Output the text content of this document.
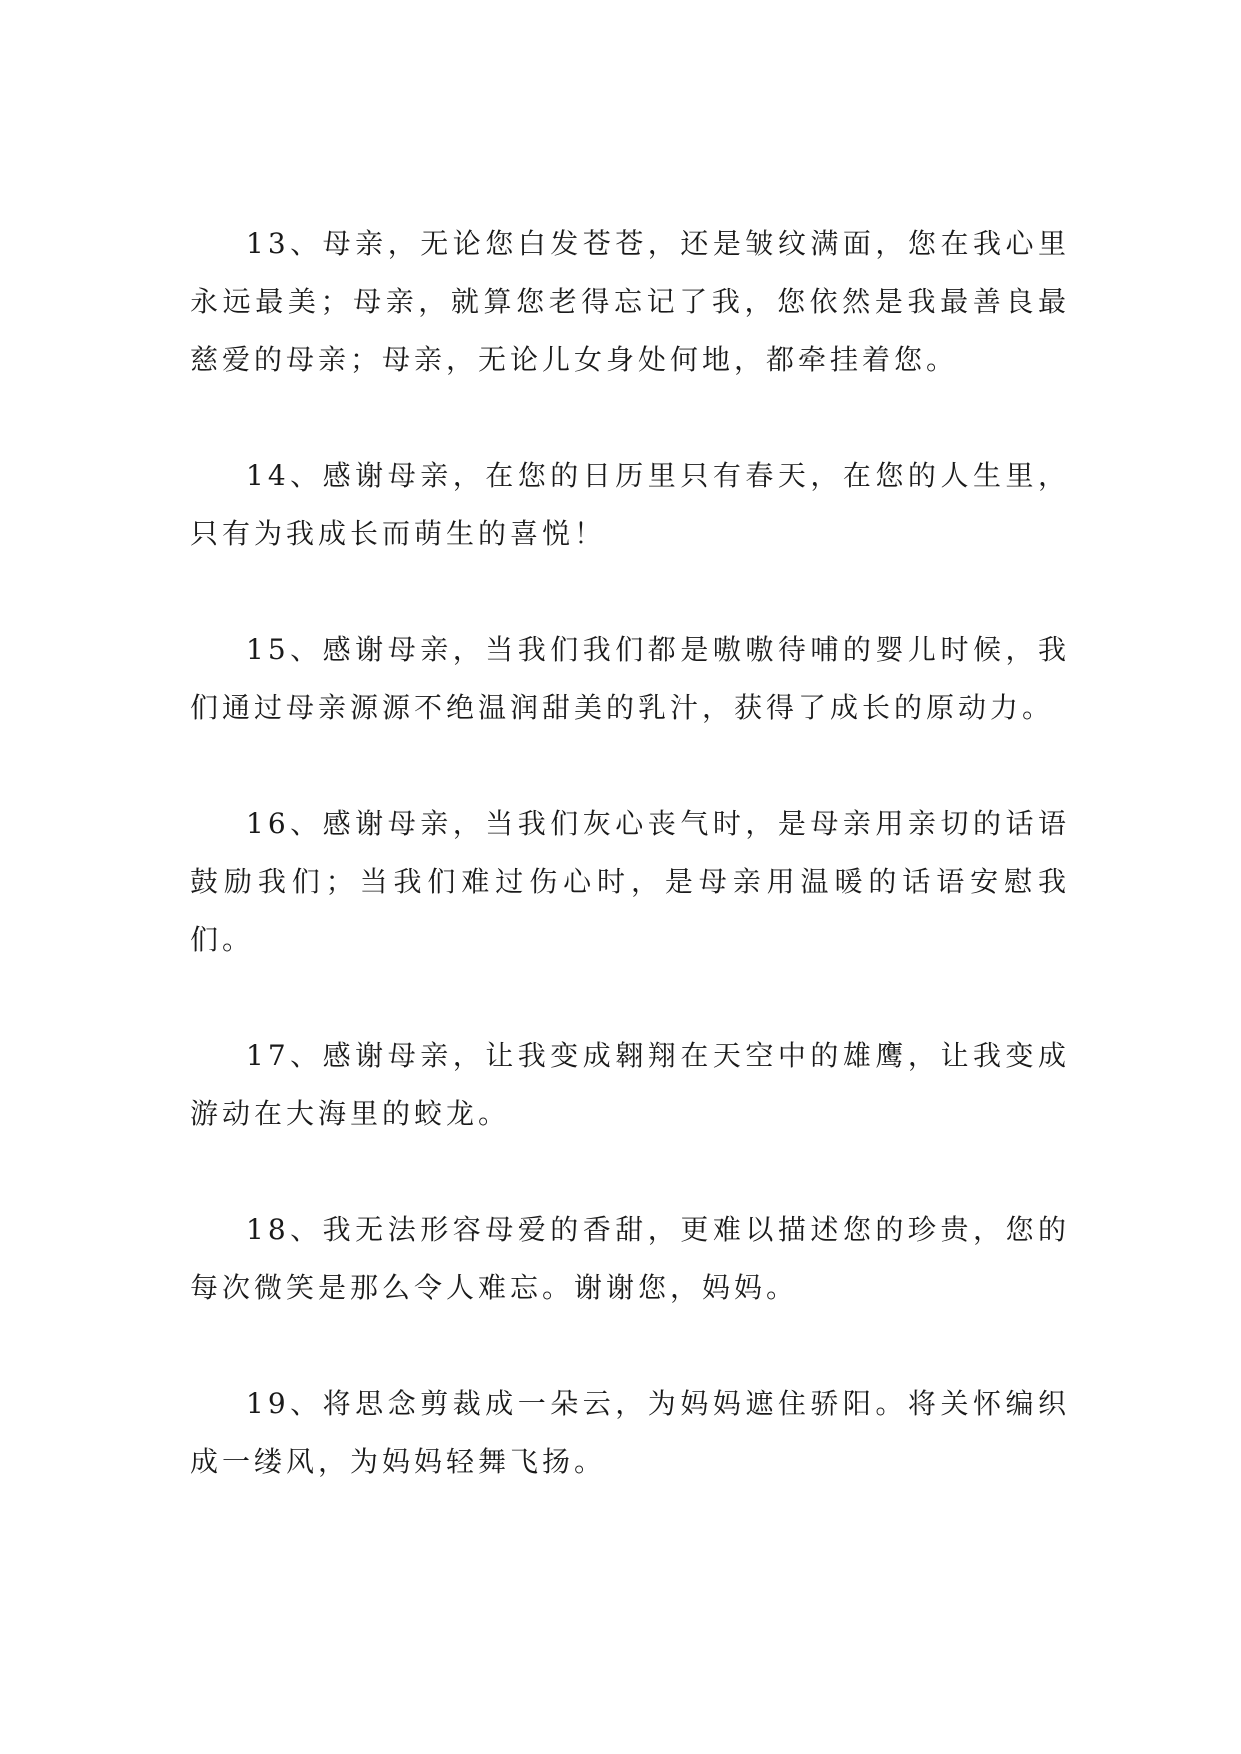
13、母亲，无论您白发苍苍，还是皱纹满面，您在我心里永远最美；母亲，就算您老得忘记了我，您依然是我最善良最慈爱的母亲；母亲，无论儿女身处何地，都牵挂着您。

14、感谢母亲，在您的日历里只有春天，在您的人生里，只有为我成长而萌生的喜悦！

15、感谢母亲，当我们我们都是嗷嗷待哺的婴儿时候，我们通过母亲源源不绝温润甜美的乳汁，获得了成长的原动力。

16、感谢母亲，当我们灰心丧气时，是母亲用亲切的话语鼓励我们；当我们难过伤心时，是母亲用温暖的话语安慰我们。

17、感谢母亲，让我变成翱翔在天空中的雄鹰，让我变成游动在大海里的蛟龙。

18、我无法形容母爱的香甜，更难以描述您的珍贵，您的每次微笑是那么令人难忘。谢谢您，妈妈。

19、将思念剪裁成一朵云，为妈妈遮住骄阳。将关怀编织成一缕风，为妈妈轻舞飞扬。
